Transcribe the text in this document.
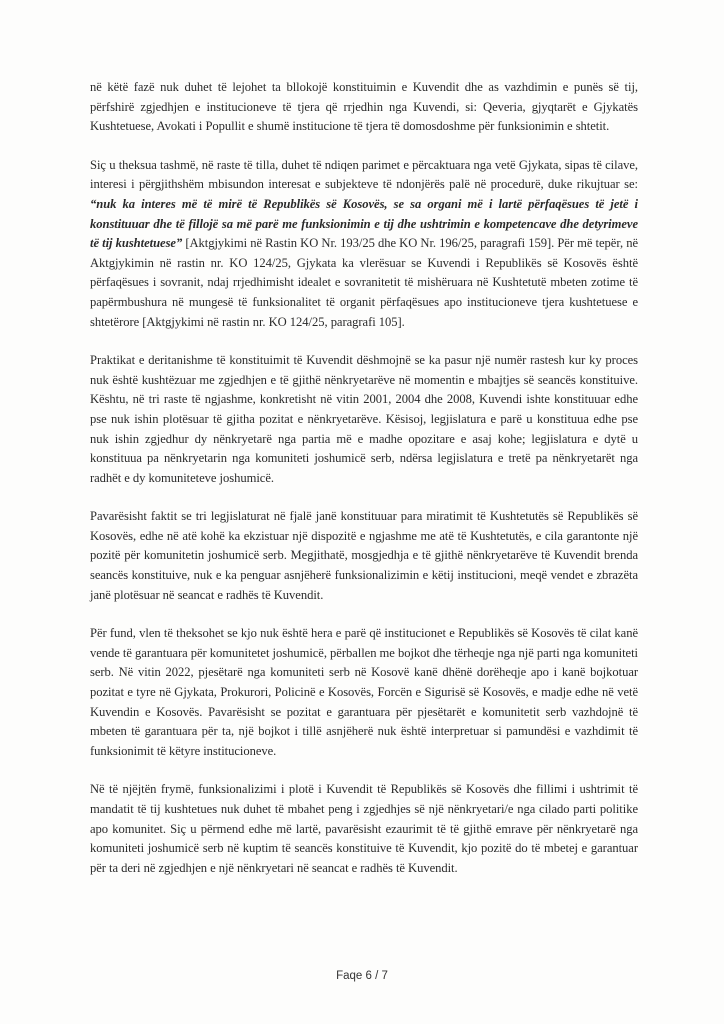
në këtë fazë nuk duhet të lejohet ta bllokojë konstituimin e Kuvendit dhe as vazhdimin e punës së tij, përfshirë zgjedhjen e institucioneve të tjera që rrjedhin nga Kuvendi, si: Qeveria, gjyqtarët e Gjykatës Kushtetuese, Avokati i Popullit e shumë institucione të tjera të domosdoshme për funksionimin e shtetit.

Siç u theksua tashmë, në raste të tilla, duhet të ndiqen parimet e përcaktuara nga vetë Gjykata, sipas të cilave, interesi i përgjithshëm mbisundon interesat e subjekteve të ndonjërës palë në procedurë, duke rikujtuar se: “nuk ka interes më të mirë të Republikës së Kosovës, se sa organi më i lartë përfaqësues të jetë i konstituuar dhe të fillojë sa më parë me funksionimin e tij dhe ushtrimin e kompetencave dhe detyrimeve të tij kushtetuese” [Aktgjykimi në Rastin KO Nr. 193/25 dhe KO Nr. 196/25, paragrafi 159]. Për më tepër, në Aktgjykimin në rastin nr. KO 124/25, Gjykata ka vlerësuar se Kuvendi i Republikës së Kosovës është përfaqësues i sovranit, ndaj rrjedhimisht idealet e sovranitetit të mishëruara në Kushtetutë mbeten zotime të papërmbushura në mungesë të funksionalitet të organit përfaqësues apo institucioneve tjera kushtetuese e shtetërore [Aktgjykimi në rastin nr. KO 124/25, paragrafi 105].

Praktikat e deritanishme të konstituimit të Kuvendit dëshmojnë se ka pasur një numër rastesh kur ky proces nuk është kushtëzuar me zgjedhjen e të gjithë nënkryetarëve në momentin e mbajtjes së seancës konstituive. Kështu, në tri raste të ngjashme, konkretisht në vitin 2001, 2004 dhe 2008, Kuvendi ishte konstituuar edhe pse nuk ishin plotësuar të gjitha pozitat e nënkryetarëve. Kësisoj, legjislatura e parë u konstituua edhe pse nuk ishin zgjedhur dy nënkryetarë nga partia më e madhe opozitare e asaj kohe; legjislatura e dytë u konstituua pa nënkryetarin nga komuniteti joshumicë serb, ndërsa legjislatura e tretë pa nënkryetarët nga radhët e dy komuniteteve joshumicë.

Pavarësisht faktit se tri legjislaturat në fjalë janë konstituuar para miratimit të Kushtetutës së Republikës së Kosovës, edhe në atë kohë ka ekzistuar një dispozitë e ngjashme me atë të Kushtetutës, e cila garantonte një pozitë për komunitetin joshumicë serb. Megjithatë, mosgjedhja e të gjithë nënkryetarëve të Kuvendit brenda seancës konstituive, nuk e ka penguar asnjëherë funksionalizimin e këtij institucioni, meqë vendet e zbrazëta janë plotësuar në seancat e radhës të Kuvendit.

Për fund, vlen të theksohet se kjo nuk është hera e parë që institucionet e Republikës së Kosovës të cilat kanë vende të garantuara për komunitetet joshumicë, përballen me bojkot dhe tërheqje nga një parti nga komuniteti serb. Në vitin 2022, pjesëtarë nga komuniteti serb në Kosovë kanë dhënë dorëheqje apo i kanë bojkotuar pozitat e tyre në Gjykata, Prokurori, Policinë e Kosovës, Forcën e Sigurisë së Kosovës, e madje edhe në vetë Kuvendin e Kosovës. Pavarësisht se pozitat e garantuara për pjesëtarët e komunitetit serb vazhdojnë të mbeten të garantuara për ta, një bojkot i tillë asnjëherë nuk është interpretuar si pamundësi e vazhdimit të funksionimit të këtyre institucioneve.

Në të njëjtën frymë, funksionalizimi i plotë i Kuvendit të Republikës së Kosovës dhe fillimi i ushtrimit të mandatit të tij kushtetues nuk duhet të mbahet peng i zgjedhjes së një nënkryetari/e nga cilado parti politike apo komunitet. Siç u përmend edhe më lartë, pavarësisht ezaurimit të të gjithë emrave për nënkryetarë nga komuniteti joshumicë serb në kuptim të seancës konstituive të Kuvendit, kjo pozitë do të mbetej e garantuar për ta deri në zgjedhjen e një nënkryetari në seancat e radhës të Kuvendit.

Faqe 6 / 7
